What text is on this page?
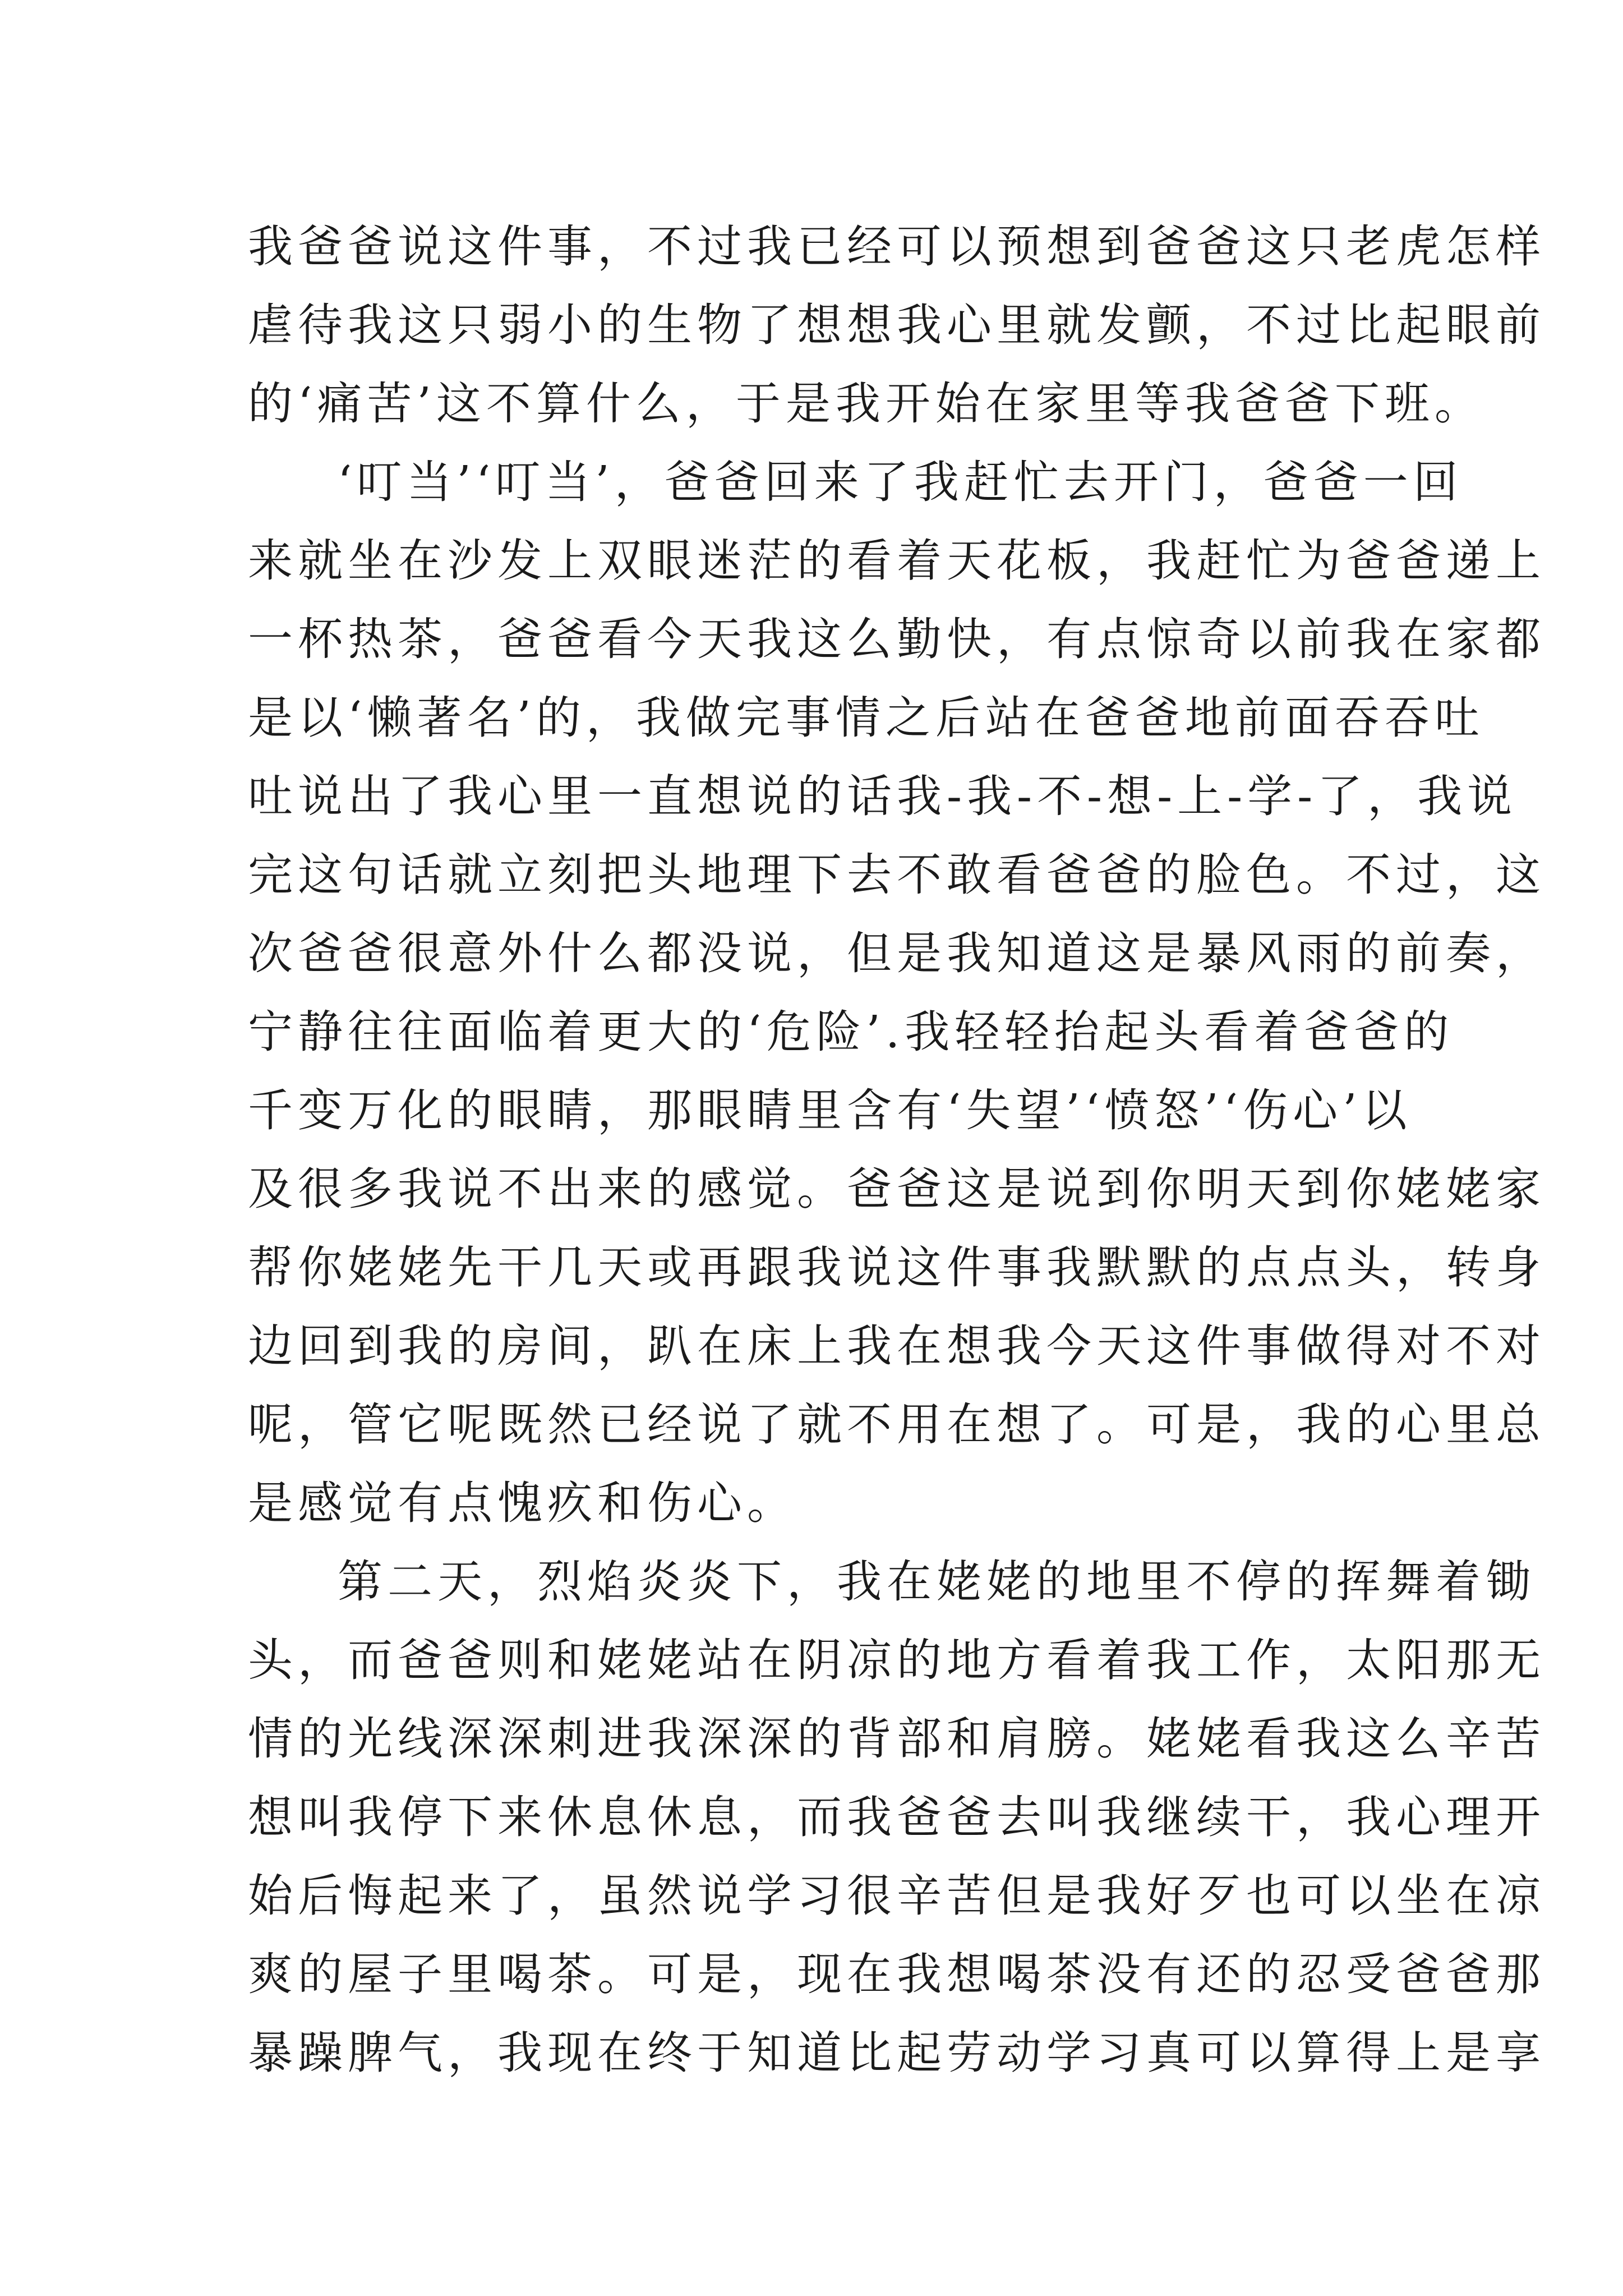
我爸爸说这件事，不过我已经可以预想到爸爸这只老虎怎样
虐待我这只弱小的生物了想想我心里就发颤，不过比起眼前
的‘痛苦’这不算什么，于是我开始在家里等我爸爸下班。
‘叮当’‘叮当’，爸爸回来了我赶忙去开门，爸爸一回
来就坐在沙发上双眼迷茫的看着天花板，我赶忙为爸爸递上
一杯热茶，爸爸看今天我这么勤快，有点惊奇以前我在家都
是以‘懒著名’的，我做完事情之后站在爸爸地前面吞吞吐
吐说出了我心里一直想说的话我-我-不-想-上-学-了，我说
完这句话就立刻把头地理下去不敢看爸爸的脸色。不过，这
次爸爸很意外什么都没说，但是我知道这是暴风雨的前奏，
宁静往往面临着更大的‘危险’.我轻轻抬起头看着爸爸的
千变万化的眼睛，那眼睛里含有‘失望’‘愤怒’‘伤心’以
及很多我说不出来的感觉。爸爸这是说到你明天到你姥姥家
帮你姥姥先干几天或再跟我说这件事我默默的点点头，转身
边回到我的房间，趴在床上我在想我今天这件事做得对不对
呢，管它呢既然已经说了就不用在想了。可是，我的心里总
是感觉有点愧疚和伤心。
第二天，烈焰炎炎下，我在姥姥的地里不停的挥舞着锄
头，而爸爸则和姥姥站在阴凉的地方看着我工作，太阳那无
情的光线深深刺进我深深的背部和肩膀。姥姥看我这么辛苦
想叫我停下来休息休息，而我爸爸去叫我继续干，我心理开
始后悔起来了，虽然说学习很辛苦但是我好歹也可以坐在凉
爽的屋子里喝茶。可是，现在我想喝茶没有还的忍受爸爸那
暴躁脾气，我现在终于知道比起劳动学习真可以算得上是享
